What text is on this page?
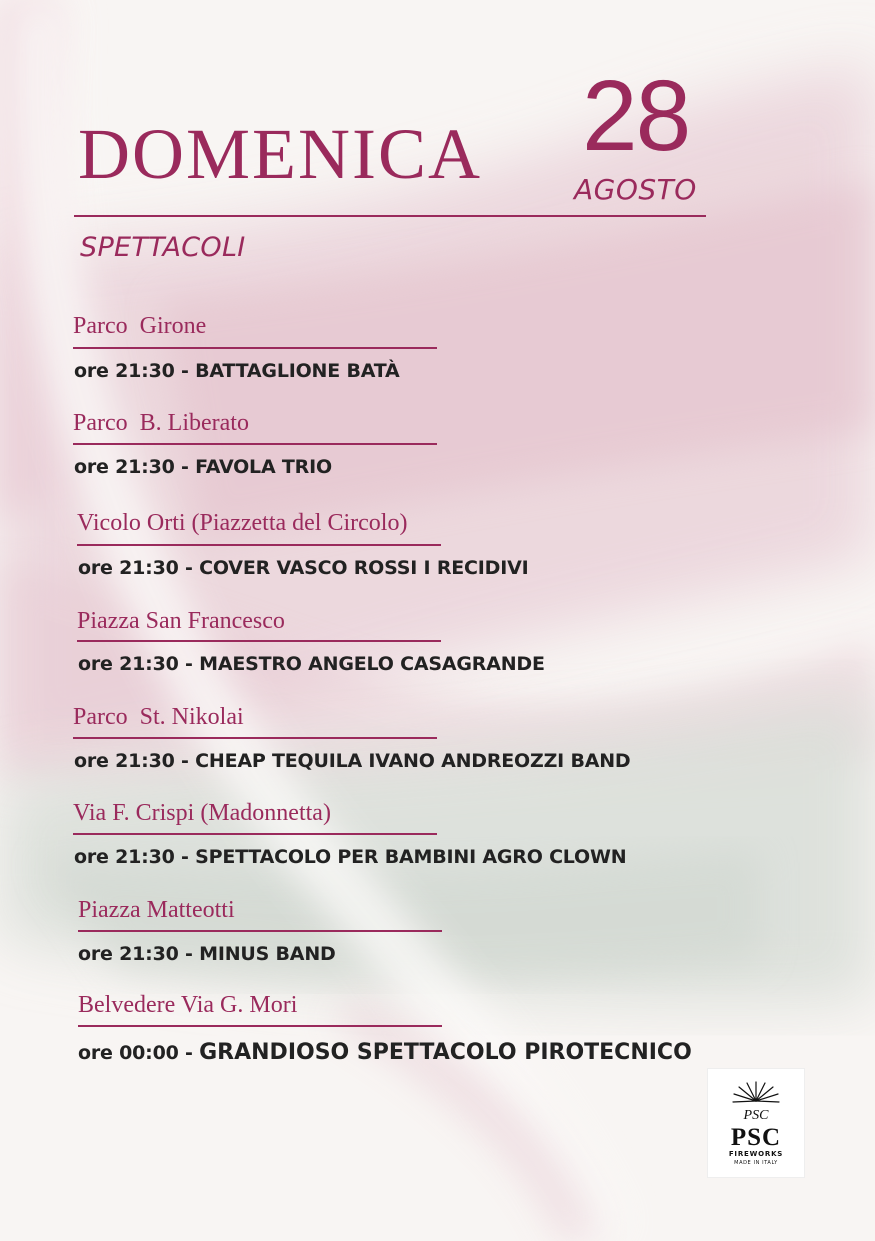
DOMENICA 28
AGOSTO
SPETTACOLI
Parco  Girone
ore 21:30 - BATTAGLIONE BATÀ
Parco  B. Liberato
ore 21:30 - FAVOLA TRIO
Vicolo Orti (Piazzetta del Circolo)
ore 21:30 - COVER VASCO ROSSI I RECIDIVI
Piazza San Francesco
ore 21:30 - MAESTRO ANGELO CASAGRANDE
Parco  St. Nikolai
ore 21:30 - CHEAP TEQUILA IVANO ANDREOZZI BAND
Via F. Crispi (Madonnetta)
ore 21:30 - SPETTACOLO PER BAMBINI AGRO CLOWN
Piazza Matteotti
ore 21:30 - MINUS BAND
Belvedere Via G. Mori
ore 00:00 - GRANDIOSO SPETTACOLO PIROTECNICO
PSC
PSC
FIREWORKS
MADE IN ITALY
